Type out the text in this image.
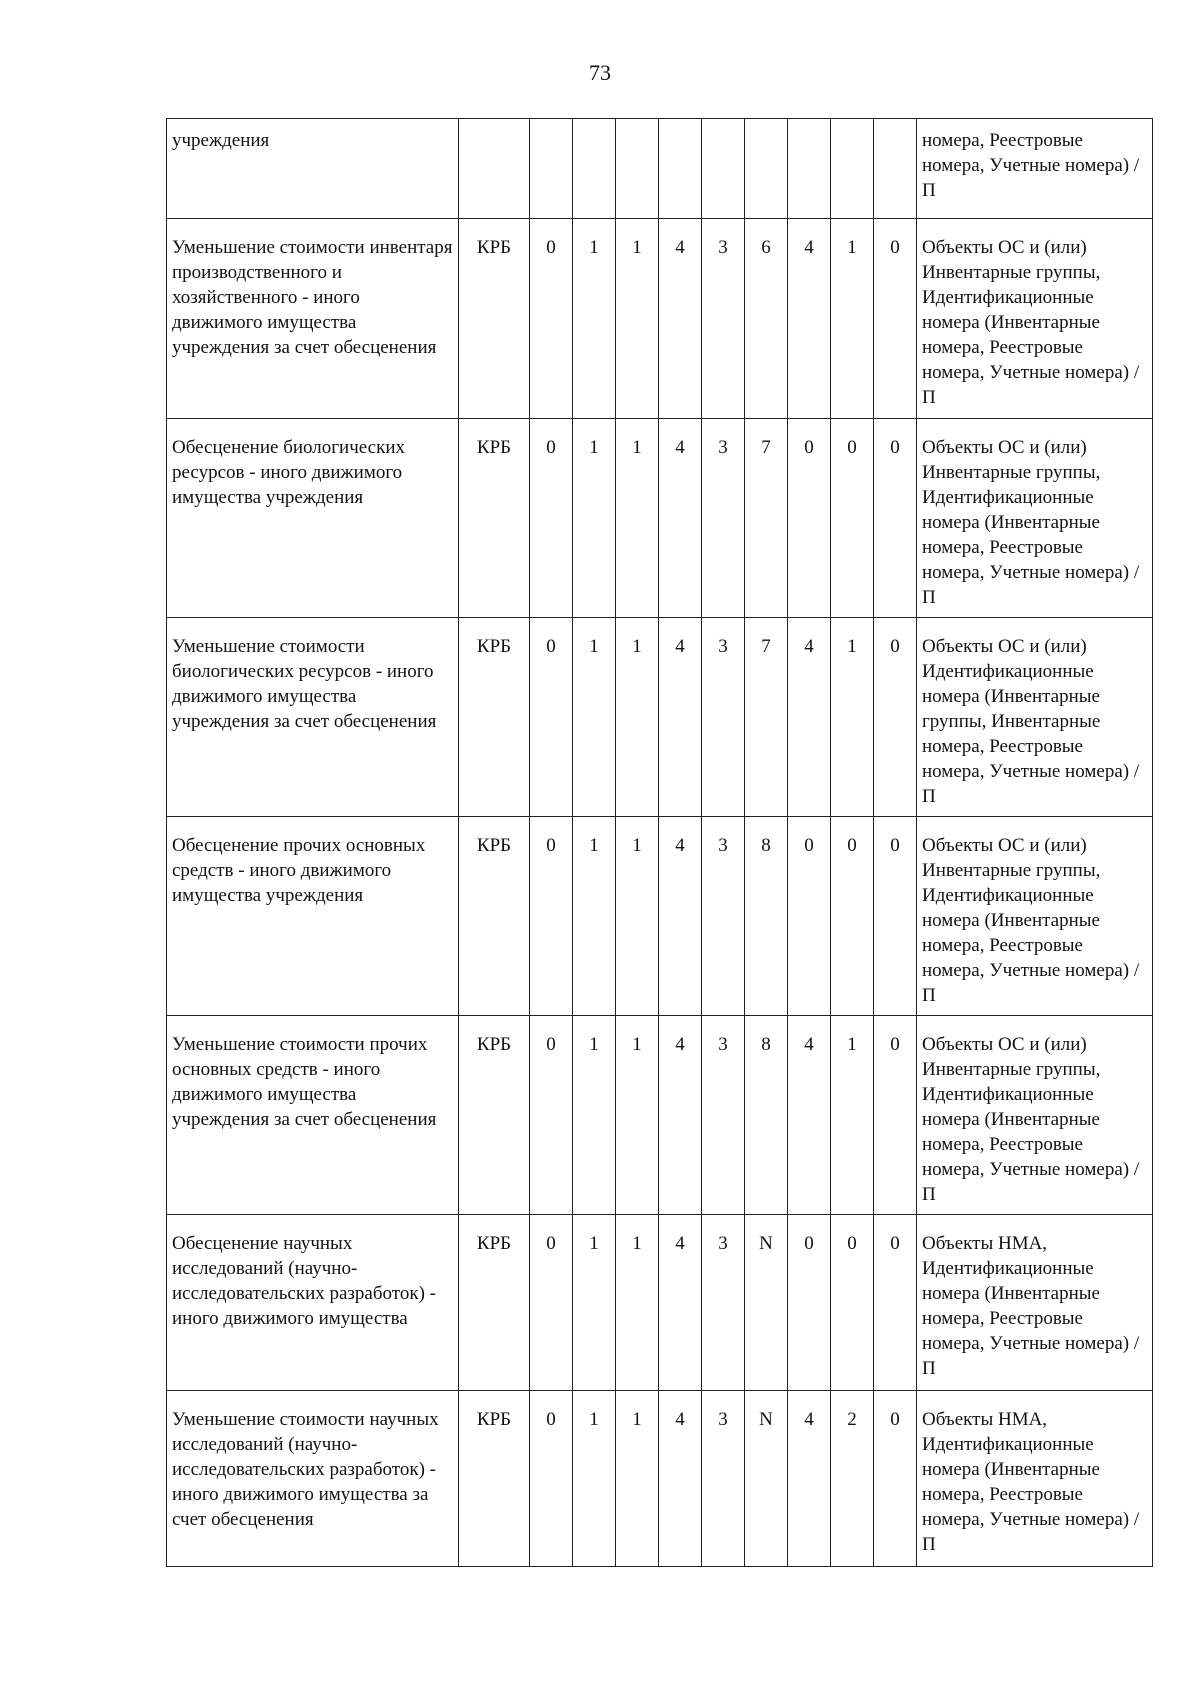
73
учреждения											номера, Реестровые номера, Учетные номера) / П
Уменьшение стоимости инвентаря производственного и хозяйственного - иного движимого имущества учреждения за счет обесценения	КРБ	0	1	1	4	3	6	4	1	0	Объекты ОС и (или) Инвентарные группы, Идентификационные номера (Инвентарные номера, Реестровые номера, Учетные номера) / П
Обесценение биологических ресурсов - иного движимого имущества учреждения	КРБ	0	1	1	4	3	7	0	0	0	Объекты ОС и (или) Инвентарные группы, Идентификационные номера (Инвентарные номера, Реестровые номера, Учетные номера) / П
Уменьшение стоимости биологических ресурсов - иного движимого имущества учреждения за счет обесценения	КРБ	0	1	1	4	3	7	4	1	0	Объекты ОС и (или) Идентификационные номера (Инвентарные группы, Инвентарные номера, Реестровые номера, Учетные номера) / П
Обесценение прочих основных средств - иного движимого имущества учреждения	КРБ	0	1	1	4	3	8	0	0	0	Объекты ОС и (или) Инвентарные группы, Идентификационные номера (Инвентарные номера, Реестровые номера, Учетные номера) / П
Уменьшение стоимости прочих основных средств - иного движимого имущества учреждения за счет обесценения	КРБ	0	1	1	4	3	8	4	1	0	Объекты ОС и (или) Инвентарные группы, Идентификационные номера (Инвентарные номера, Реестровые номера, Учетные номера) / П
Обесценение научных исследований (научно-исследовательских разработок) - иного движимого имущества	КРБ	0	1	1	4	3	N	0	0	0	Объекты НМА, Идентификационные номера (Инвентарные номера, Реестровые номера, Учетные номера) / П
Уменьшение стоимости научных исследований (научно-исследовательских разработок) - иного движимого имущества за счет обесценения	КРБ	0	1	1	4	3	N	4	2	0	Объекты НМА, Идентификационные номера (Инвентарные номера, Реестровые номера, Учетные номера) / П
